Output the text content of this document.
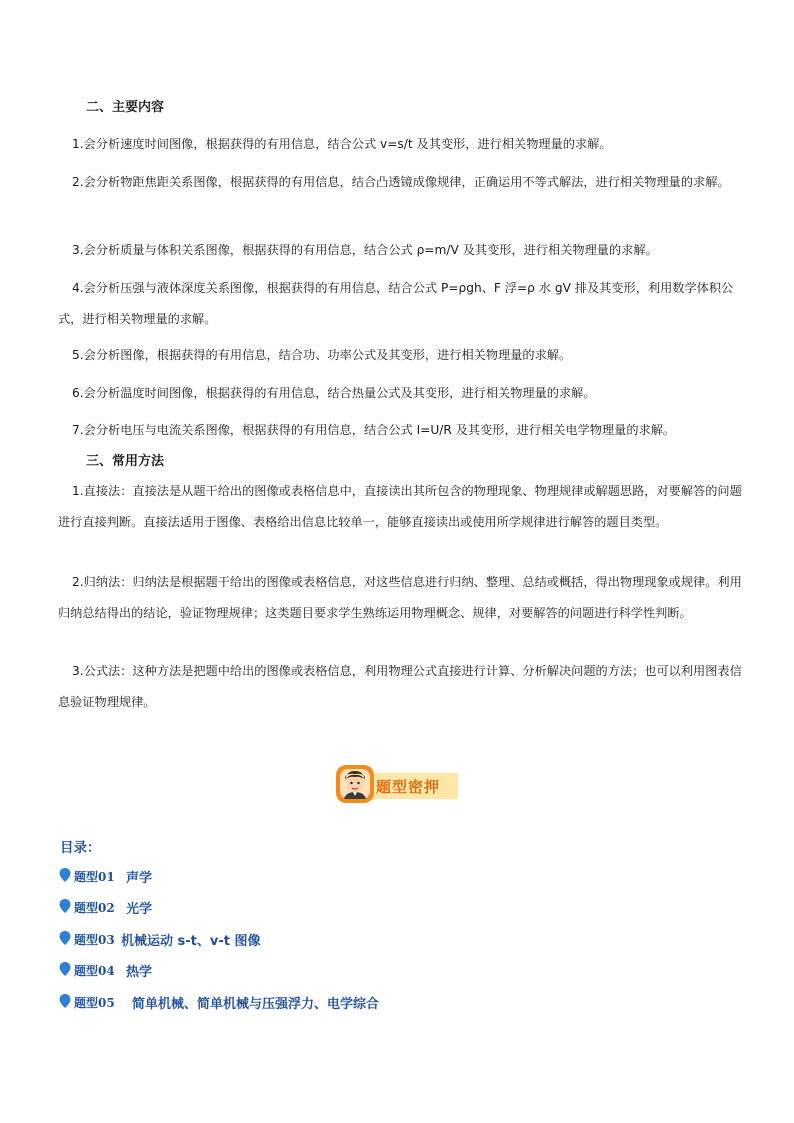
二、主要内容
1.会分析速度时间图像，根据获得的有用信息，结合公式 v=s/t 及其变形，进行相关物理量的求解。
2.会分析物距焦距关系图像，根据获得的有用信息，结合凸透镜成像规律，正确运用不等式解法，进行相关物理量的求解。
3.会分析质量与体积关系图像，根据获得的有用信息，结合公式 ρ=m/V 及其变形，进行相关物理量的求解。
4.会分析压强与液体深度关系图像，根据获得的有用信息，结合公式 P=ρgh、F 浮=ρ 水 gV 排及其变形，利用数学体积公式，进行相关物理量的求解。
5.会分析图像，根据获得的有用信息，结合功、功率公式及其变形，进行相关物理量的求解。
6.会分析温度时间图像，根据获得的有用信息，结合热量公式及其变形，进行相关物理量的求解。
7.会分析电压与电流关系图像，根据获得的有用信息，结合公式 I=U/R 及其变形，进行相关电学物理量的求解。
三、常用方法
1.直接法：直接法是从题干给出的图像或表格信息中，直接读出其所包含的物理现象、物理规律或解题思路，对要解答的问题进行直接判断。直接法适用于图像、表格给出信息比较单一，能够直接读出或使用所学规律进行解答的题目类型。
2.归纳法：归纳法是根据题干给出的图像或表格信息，对这些信息进行归纳、整理、总结或概括，得出物理现象或规律。利用归纳总结得出的结论，验证物理规律；这类题目要求学生熟练运用物理概念、规律，对要解答的问题进行科学性判断。
3.公式法：这种方法是把题中给出的图像或表格信息，利用物理公式直接进行计算、分析解决问题的方法；也可以利用图表信息验证物理规律。
题型密押
目录：
题型01 声学
题型02 光学
题型03 机械运动 s-t、v-t 图像
题型04 热学
题型05 简单机械、简单机械与压强浮力、电学综合
